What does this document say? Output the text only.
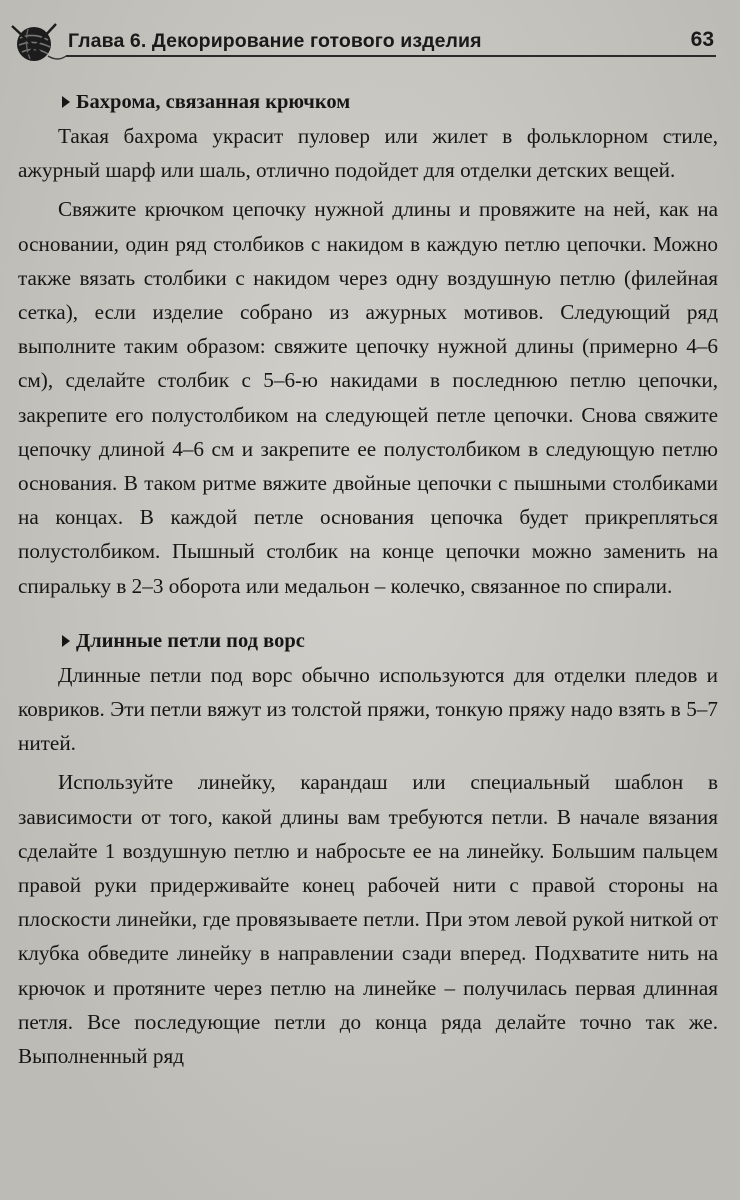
Глава 6. Декорирование готового изделия	63
Бахрома, связанная крючком

Такая бахрома украсит пуловер или жилет в фольклорном стиле, ажурный шарф или шаль, отлично подойдет для отделки детских вещей.

Свяжите крючком цепочку нужной длины и провяжите на ней, как на основании, один ряд столбиков с накидом в каждую петлю цепочки. Можно также вязать столбики с накидом через одну воздушную петлю (филейная сетка), если изделие собрано из ажурных мотивов. Следующий ряд выполните таким образом: свяжите цепочку нужной длины (примерно 4–6 см), сделайте столбик с 5–6-ю накидами в последнюю петлю цепочки, закрепите его полустолбиком на следующей петле цепочки. Снова свяжите цепочку длиной 4–6 см и закрепите ее полустолбиком в следующую петлю основания. В таком ритме вяжите двойные цепочки с пышными столбиками на концах. В каждой петле основания цепочка будет прикрепляться полустолбиком. Пышный столбик на конце цепочки можно заменить на спиральку в 2–3 оборота или медальон – колечко, связанное по спирали.

Длинные петли под ворс

Длинные петли под ворс обычно используются для отделки пледов и ковриков. Эти петли вяжут из толстой пряжи, тонкую пряжу надо взять в 5–7 нитей.

Используйте линейку, карандаш или специальный шаблон в зависимости от того, какой длины вам требуются петли. В начале вязания сделайте 1 воздушную петлю и набросьте ее на линейку. Большим пальцем правой руки придерживайте конец рабочей нити с правой стороны на плоскости линейки, где провязываете петли. При этом левой рукой ниткой от клубка обведите линейку в направлении сзади вперед. Подхватите нить на крючок и протяните через петлю на линейке – получилась первая длинная петля. Все последующие петли до конца ряда делайте точно так же. Выполненный ряд
